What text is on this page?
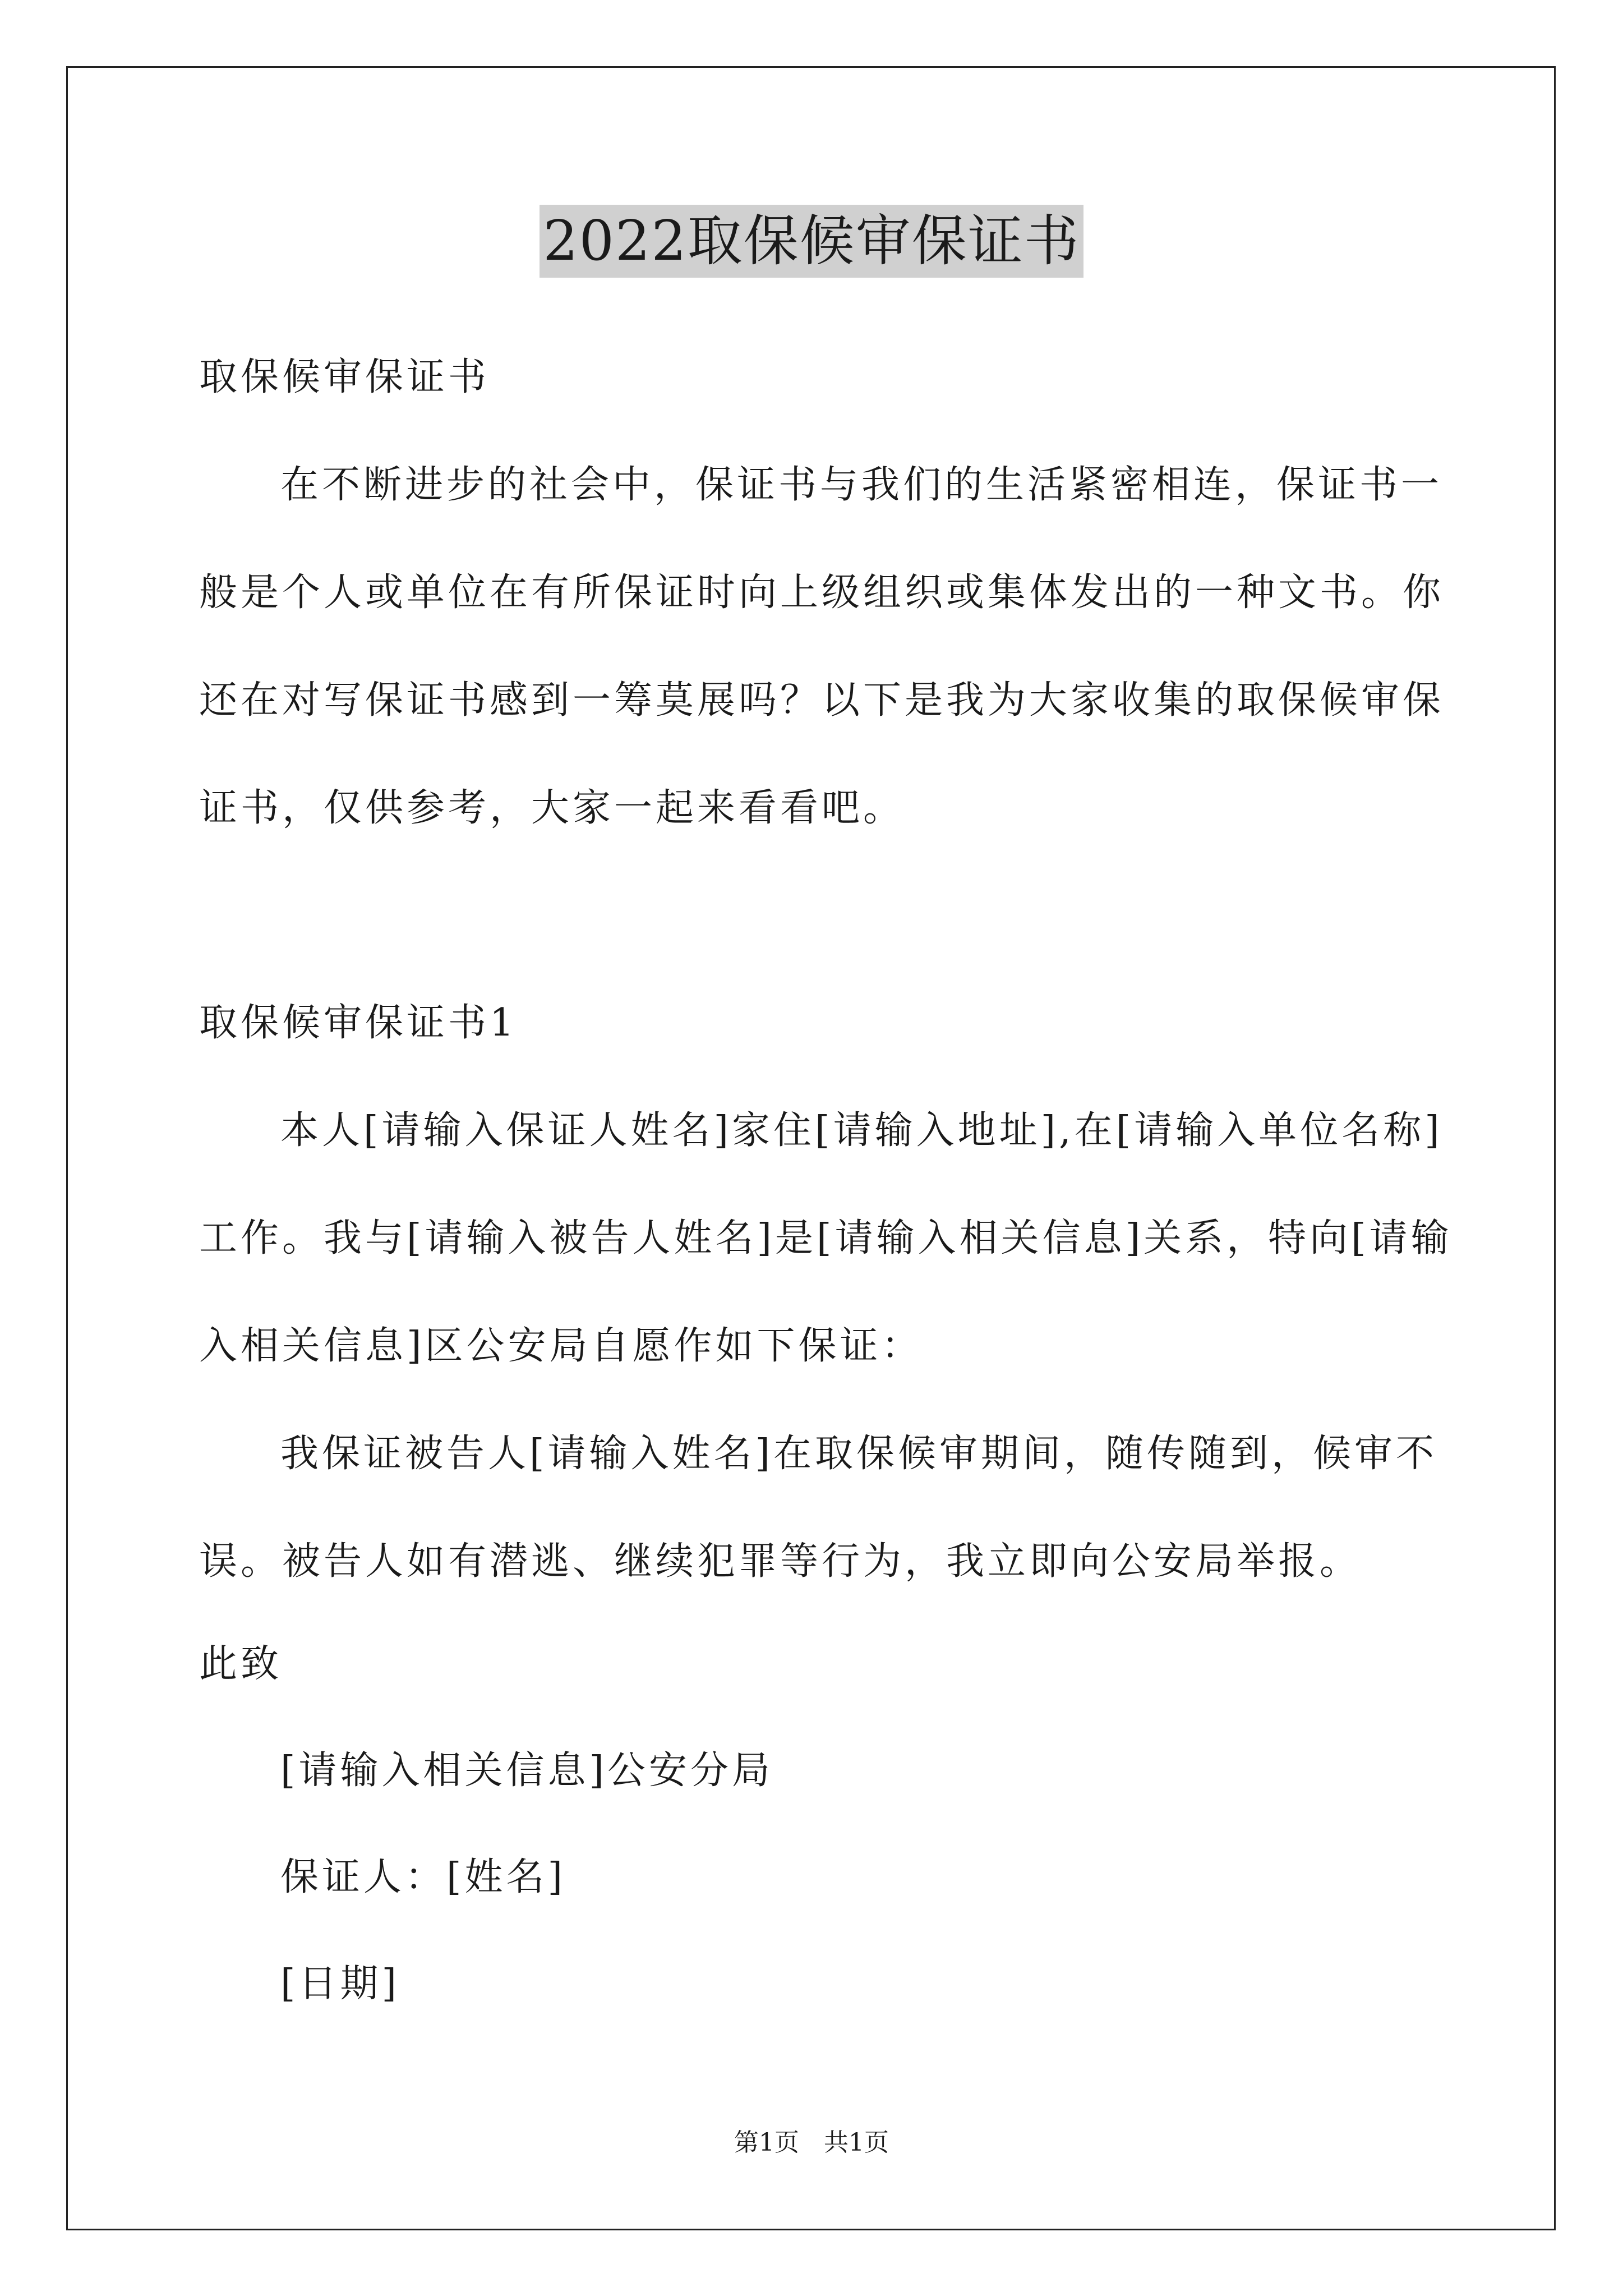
2022取保候审保证书
取保候审保证书
在不断进步的社会中，保证书与我们的生活紧密相连，保证书一
般是个人或单位在有所保证时向上级组织或集体发出的一种文书。你
还在对写保证书感到一筹莫展吗？以下是我为大家收集的取保候审保
证书，仅供参考，大家一起来看看吧。
取保候审保证书1
本人[请输入保证人姓名]家住[请输入地址],在[请输入单位名称]
工作。我与[请输入被告人姓名]是[请输入相关信息]关系，特向[请输
入相关信息]区公安局自愿作如下保证：
我保证被告人[请输入姓名]在取保候审期间，随传随到，候审不
误。被告人如有潜逃、继续犯罪等行为，我立即向公安局举报。
此致
[请输入相关信息]公安分局
保证人：[姓名]
[日期]
第1页　共1页
